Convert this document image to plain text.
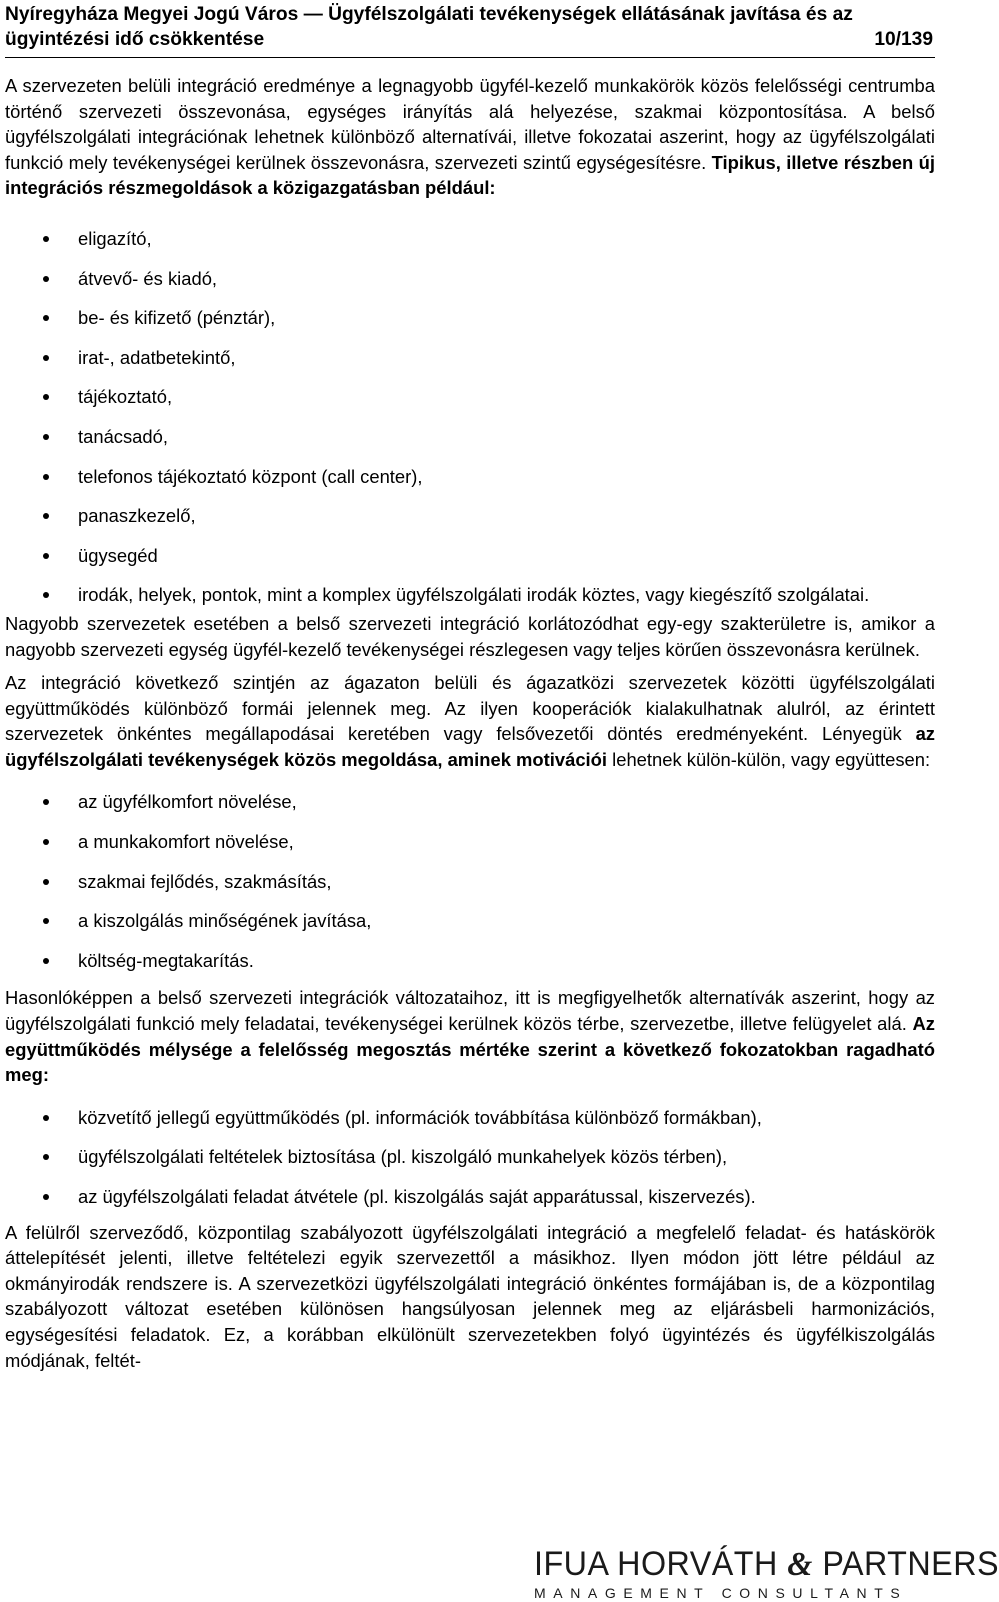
Nyíregyháza Megyei Jogú Város — Ügyfélszolgálati tevékenységek ellátásának javítása és az ügyintézési idő csökkentése	10/139

A szervezeten belüli integráció eredménye a legnagyobb ügyfél-kezelő munkakörök közös felelősségi centrumba történő szervezeti összevonása, egységes irányítás alá helyezése, szakmai központosítása. A belső ügyfélszolgálati integrációnak lehetnek különböző alternatívái, illetve fokozatai aszerint, hogy az ügyfélszolgálati funkció mely tevékenységei kerülnek összevonásra, szervezeti szintű egységesítésre. Tipikus, illetve részben új integrációs részmegoldások a közigazgatásban például:

eligazító,
átvevő- és kiadó,
be- és kifizető (pénztár),
irat-, adatbetekintő,
tájékoztató,
tanácsadó,
telefonos tájékoztató központ (call center),
panaszkezelő,
ügysegéd
irodák, helyek, pontok, mint a komplex ügyfélszolgálati irodák köztes, vagy kiegészítő szolgálatai.

Nagyobb szervezetek esetében a belső szervezeti integráció korlátozódhat egy-egy szakterületre is, amikor a nagyobb szervezeti egység ügyfél-kezelő tevékenységei részlegesen vagy teljes körűen összevonásra kerülnek.

Az integráció következő szintjén az ágazaton belüli és ágazatközi szervezetek közötti ügyfélszolgálati együttműködés különböző formái jelennek meg. Az ilyen kooperációk kialakulhatnak alulról, az érintett szervezetek önkéntes megállapodásai keretében vagy felsővezetői döntés eredményeként. Lényegük az ügyfélszolgálati tevékenységek közös megoldása, aminek motivációi lehetnek külön-külön, vagy együttesen:

az ügyfélkomfort növelése,
a munkakomfort növelése,
szakmai fejlődés, szakmásítás,
a kiszolgálás minőségének javítása,
költség-megtakarítás.

Hasonlóképpen a belső szervezeti integrációk változataihoz, itt is megfigyelhetők alternatívák aszerint, hogy az ügyfélszolgálati funkció mely feladatai, tevékenységei kerülnek közös térbe, szervezetbe, illetve felügyelet alá. Az együttműködés mélysége a felelősség megosztás mértéke szerint a következő fokozatokban ragadható meg:

közvetítő jellegű együttműködés (pl. információk továbbítása különböző formákban),
ügyfélszolgálati feltételek biztosítása (pl. kiszolgáló munkahelyek közös térben),
az ügyfélszolgálati feladat átvétele (pl. kiszolgálás saját apparátussal, kiszervezés).

A felülről szerveződő, központilag szabályozott ügyfélszolgálati integráció a megfelelő feladat- és hatáskörök áttelepítését jelenti, illetve feltételezi egyik szervezettől a másikhoz. Ilyen módon jött létre például az okmányirodák rendszere is. A szervezetközi ügyfélszolgálati integráció önkéntes formájában is, de a központilag szabályozott változat esetében különösen hangsúlyosan jelennek meg az eljárásbeli harmonizációs, egységesítési feladatok. Ez, a korábban elkülönült szervezetekben folyó ügyintézés és ügyfélkiszolgálás módjának, feltét-

IFUA HORVÁTH & PARTNERS
MANAGEMENT CONSULTANTS
